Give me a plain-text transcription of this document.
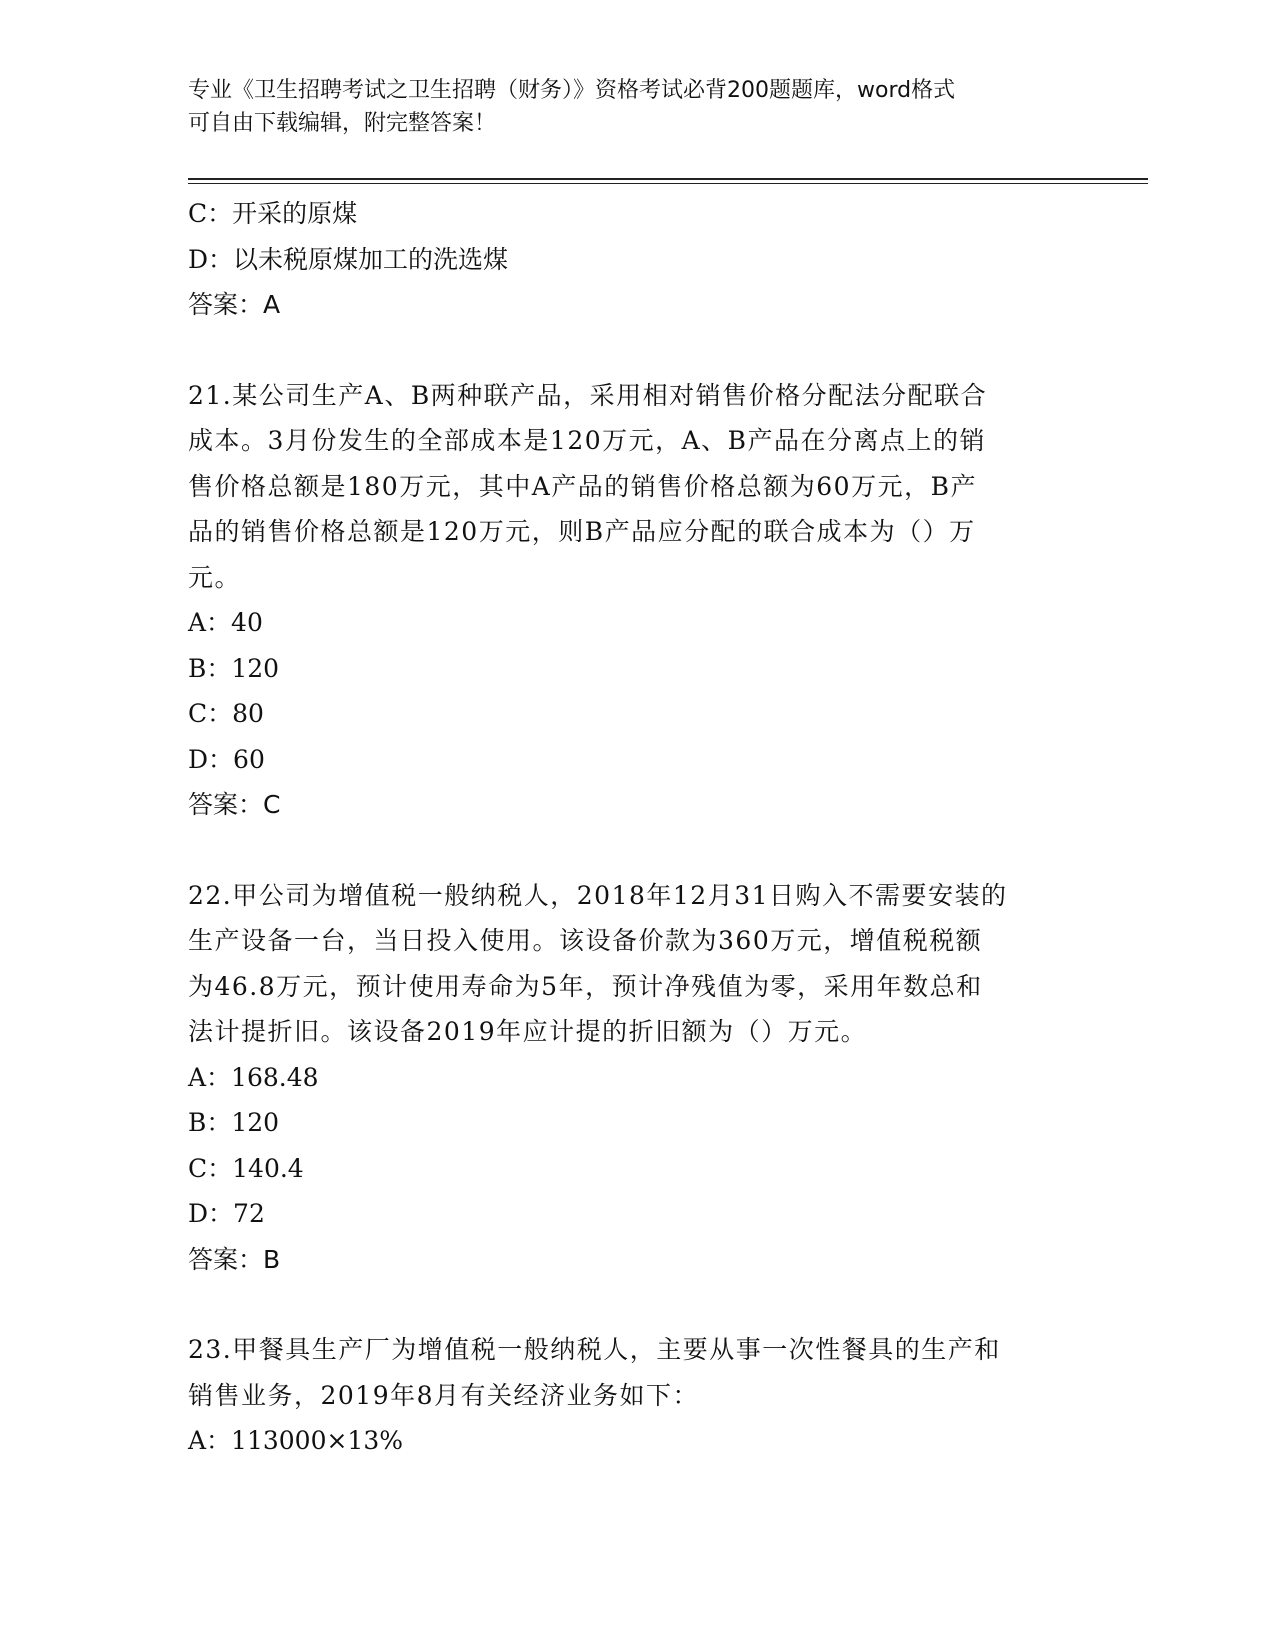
专业《卫生招聘考试之卫生招聘（财务）》资格考试必背200题题库，word格式
可自由下载编辑，附完整答案！
C：开采的原煤
D：以未税原煤加工的洗选煤
答案：A
21.某公司生产A、B两种联产品，采用相对销售价格分配法分配联合
成本。3月份发生的全部成本是120万元，A、B产品在分离点上的销
售价格总额是180万元，其中A产品的销售价格总额为60万元，B产
品的销售价格总额是120万元，则B产品应分配的联合成本为（）万
元。
A：40
B：120
C：80
D：60
答案：C
22.甲公司为增值税一般纳税人，2018年12月31日购入不需要安装的
生产设备一台，当日投入使用。该设备价款为360万元，增值税税额
为46.8万元，预计使用寿命为5年，预计净残值为零，采用年数总和
法计提折旧。该设备2019年应计提的折旧额为（）万元。
A：168.48
B：120
C：140.4
D：72
答案：B
23.甲餐具生产厂为增值税一般纳税人，主要从事一次性餐具的生产和
销售业务，2019年8月有关经济业务如下：
A：113000×13%
